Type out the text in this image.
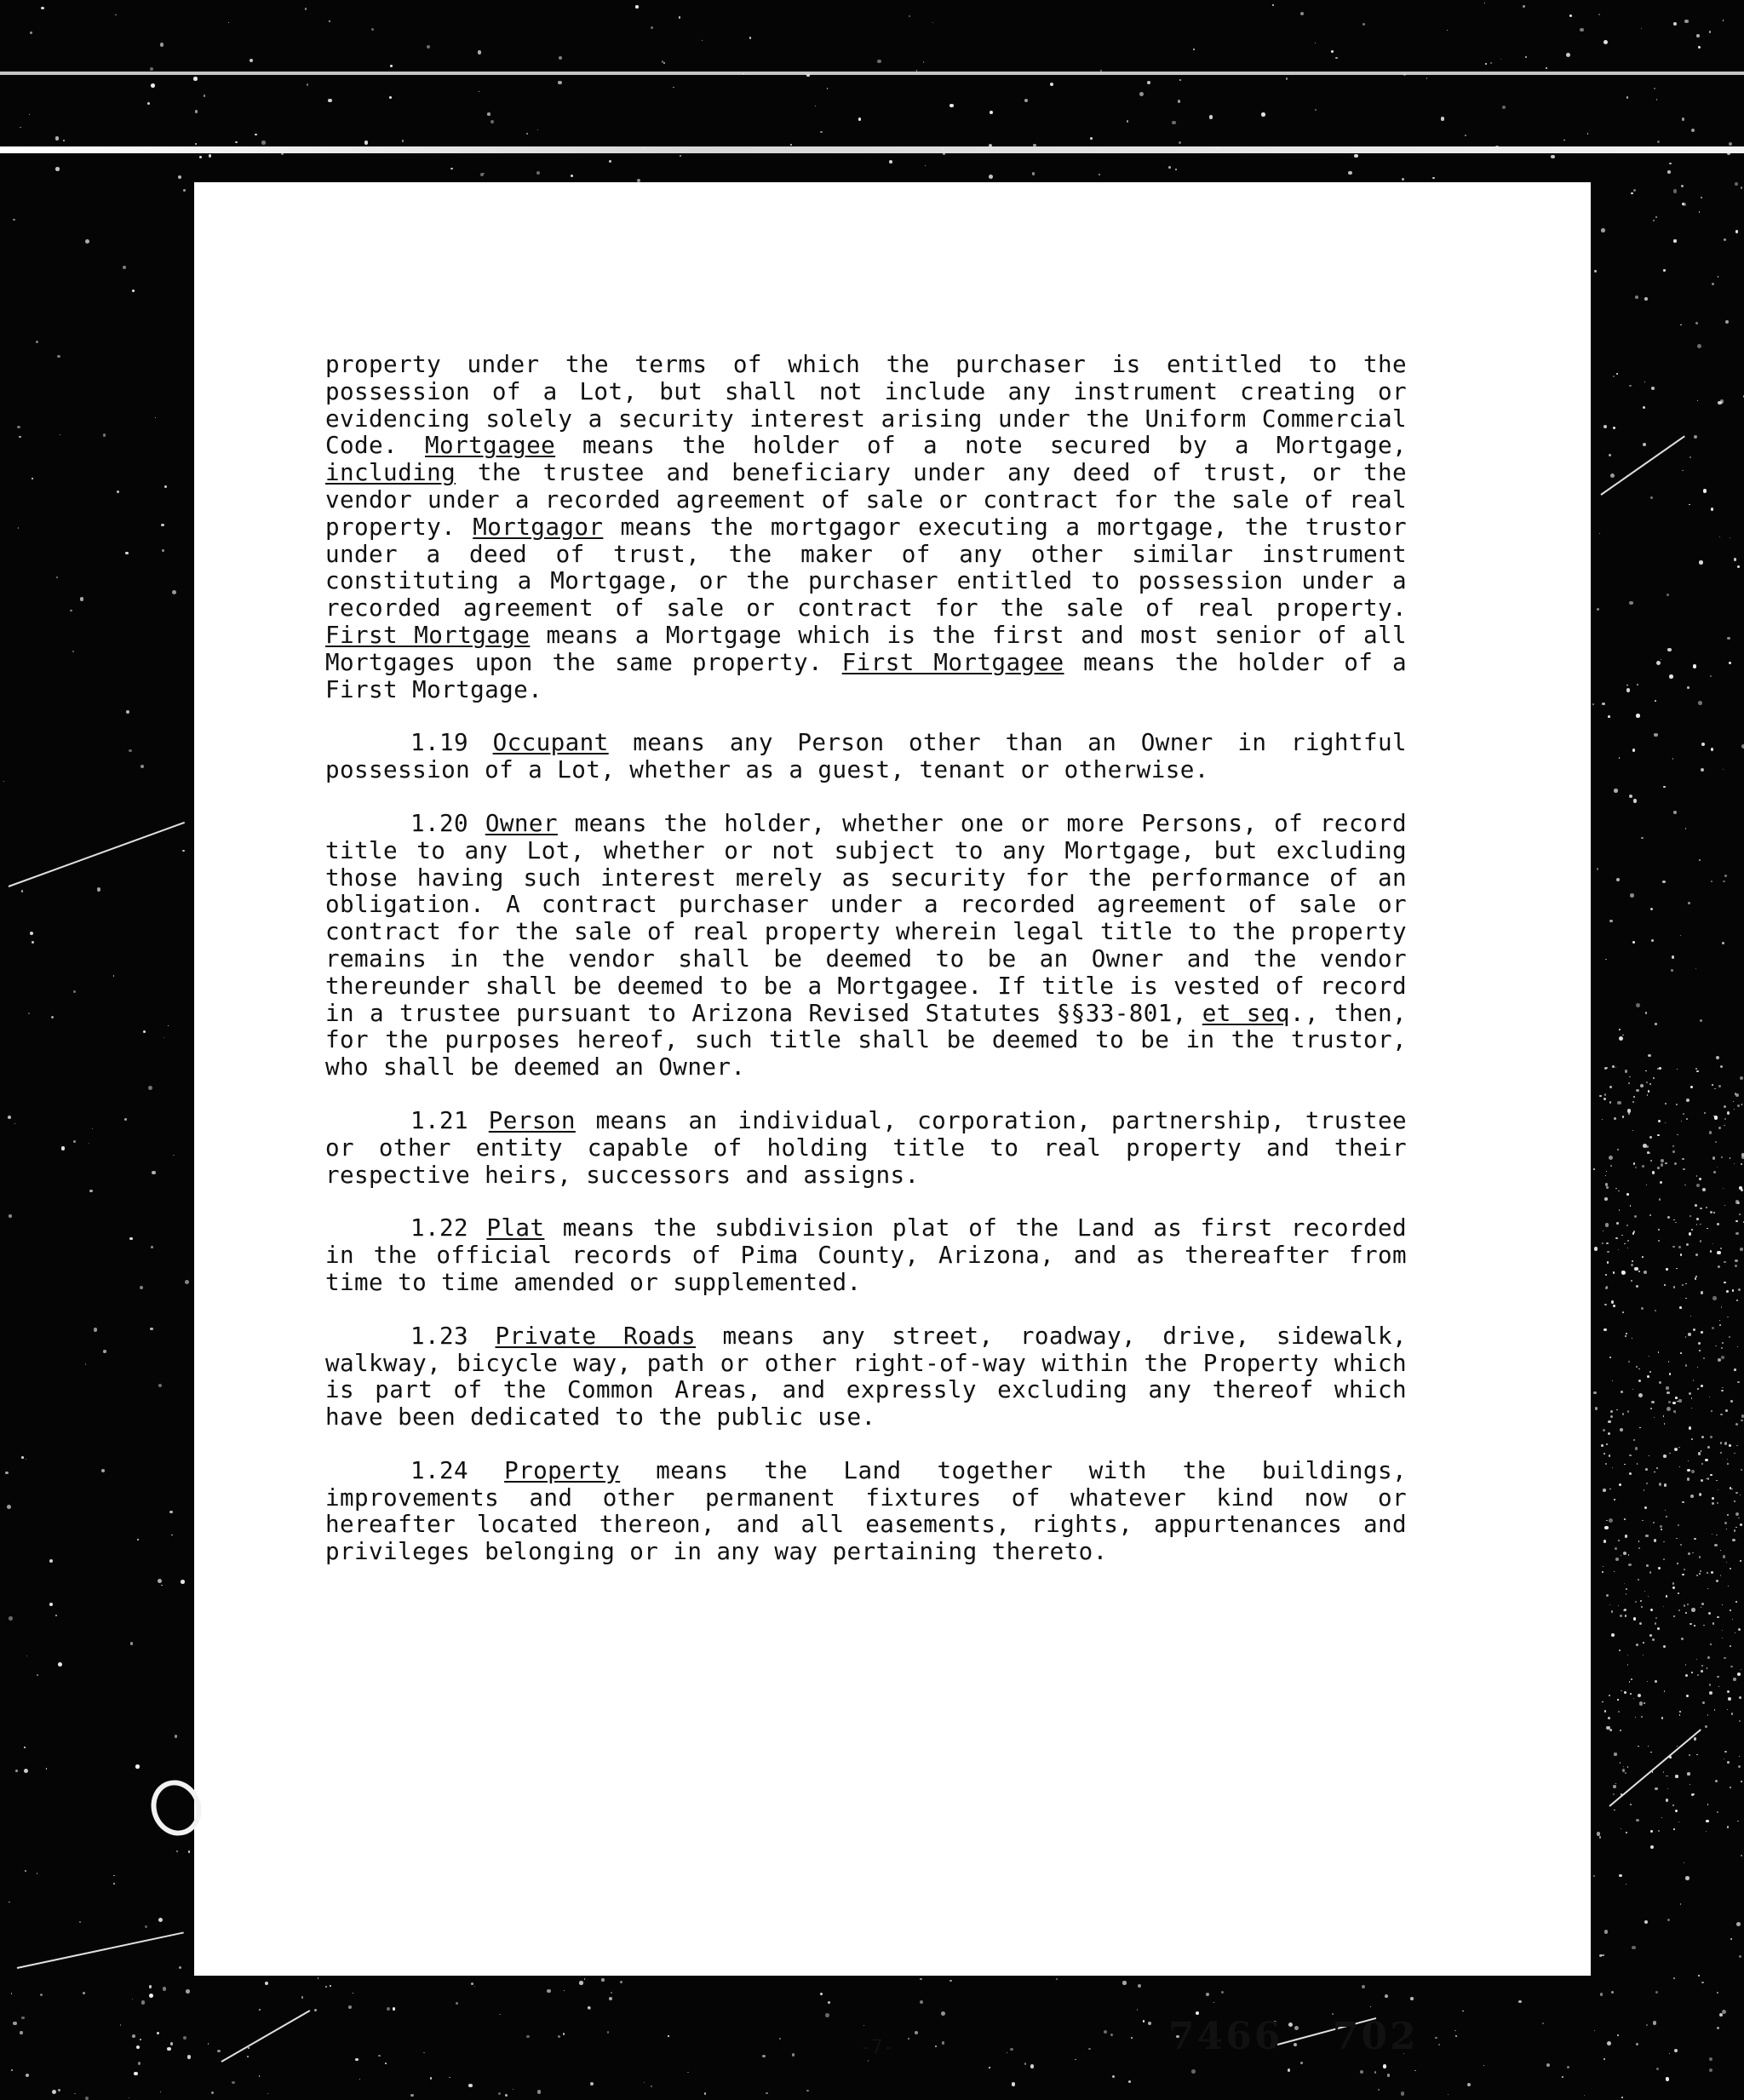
property under the terms of which the purchaser is entitled to the possession of a Lot, but shall not include any instrument creating or evidencing solely a security interest arising under the Uniform Commercial Code. Mortgagee means the holder of a note secured by a Mortgage, including the trustee and beneficiary under any deed of trust, or the vendor under a recorded agreement of sale or contract for the sale of real property. Mortgagor means the mortgagor executing a mortgage, the trustor under a deed of trust, the maker of any other similar instrument constituting a Mortgage, or the purchaser entitled to possession under a recorded agreement of sale or contract for the sale of real property. First Mortgage means a Mortgage which is the first and most senior of all Mortgages upon the same property. First Mortgagee means the holder of a First Mortgage.

1.19 Occupant means any Person other than an Owner in rightful possession of a Lot, whether as a guest, tenant or otherwise.

1.20 Owner means the holder, whether one or more Persons, of record title to any Lot, whether or not subject to any Mortgage, but excluding those having such interest merely as security for the performance of an obligation. A contract purchaser under a recorded agreement of sale or contract for the sale of real property wherein legal title to the property remains in the vendor shall be deemed to be an Owner and the vendor thereunder shall be deemed to be a Mortgagee. If title is vested of record in a trustee pursuant to Arizona Revised Statutes §§33-801, et seq., then, for the purposes hereof, such title shall be deemed to be in the trustor, who shall be deemed an Owner.

1.21 Person means an individual, corporation, partnership, trustee or other entity capable of holding title to real property and their respective heirs, successors and assigns.

1.22 Plat means the subdivision plat of the Land as first recorded in the official records of Pima County, Arizona, and as thereafter from time to time amended or supplemented.

1.23 Private Roads means any street, roadway, drive, sidewalk, walkway, bicycle way, path or other right-of-way within the Property which is part of the Common Areas, and expressly excluding any thereof which have been dedicated to the public use.

1.24 Property means the Land together with the buildings, improvements and other permanent fixtures of whatever kind now or hereafter located thereon, and all easements, rights, appurtenances and privileges belonging or in any way pertaining thereto.

-7-	7466 702
